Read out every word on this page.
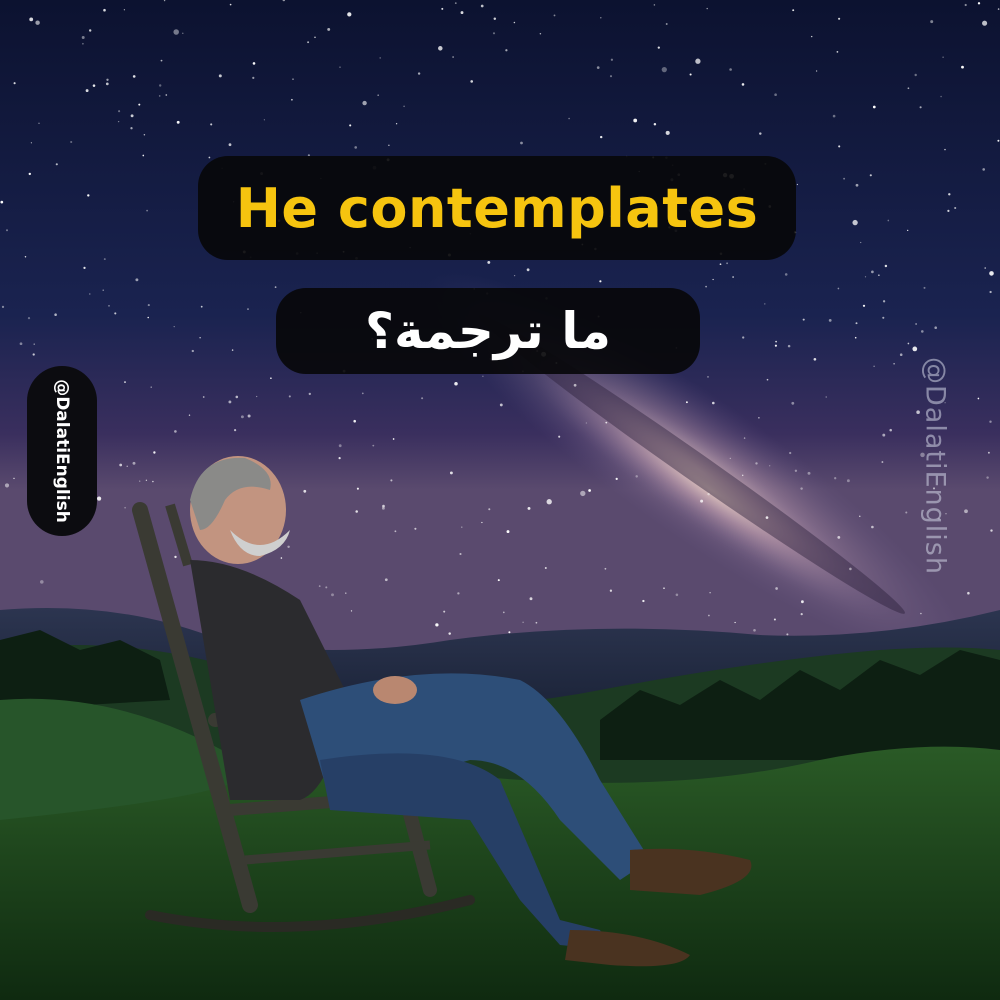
He contemplates
ما ترجمة؟
@DalatiEnglish	@DalatiEnglish
